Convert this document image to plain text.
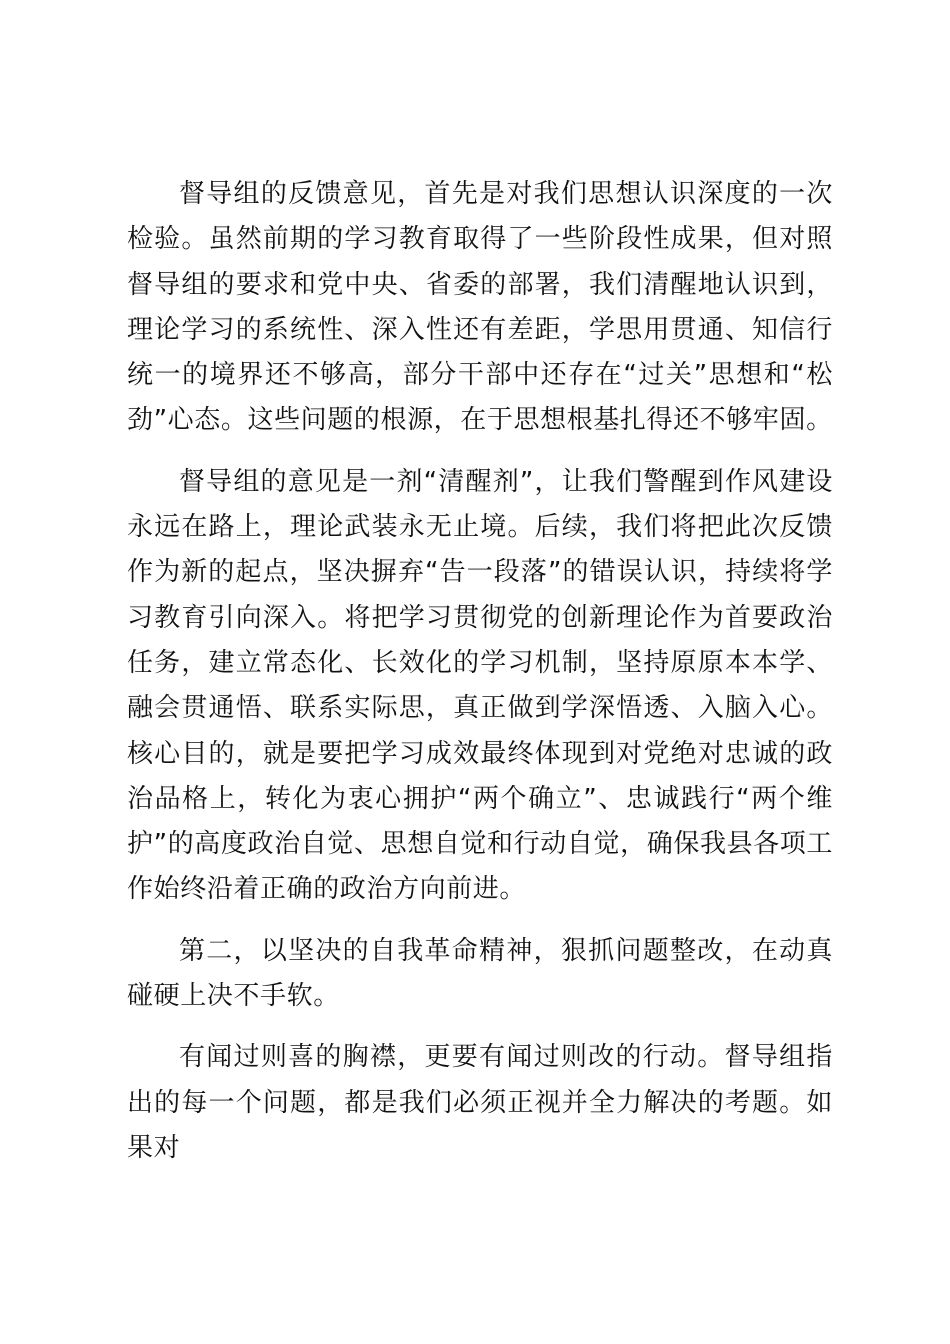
督导组的反馈意见，首先是对我们思想认识深度的一次检验。虽然前期的学习教育取得了一些阶段性成果，但对照督导组的要求和党中央、省委的部署，我们清醒地认识到，理论学习的系统性、深入性还有差距，学思用贯通、知信行统一的境界还不够高，部分干部中还存在“过关”思想和“松劲”心态。这些问题的根源，在于思想根基扎得还不够牢固。

督导组的意见是一剂“清醒剂”，让我们警醒到作风建设永远在路上，理论武装永无止境。后续，我们将把此次反馈作为新的起点，坚决摒弃“告一段落”的错误认识，持续将学习教育引向深入。将把学习贯彻党的创新理论作为首要政治任务，建立常态化、长效化的学习机制，坚持原原本本学、融会贯通悟、联系实际思，真正做到学深悟透、入脑入心。核心目的，就是要把学习成效最终体现到对党绝对忠诚的政治品格上，转化为衷心拥护“两个确立”、忠诚践行“两个维护”的高度政治自觉、思想自觉和行动自觉，确保我县各项工作始终沿着正确的政治方向前进。

第二，以坚决的自我革命精神，狠抓问题整改，在动真碰硬上决不手软。

有闻过则喜的胸襟，更要有闻过则改的行动。督导组指出的每一个问题，都是我们必须正视并全力解决的考题。如果对
